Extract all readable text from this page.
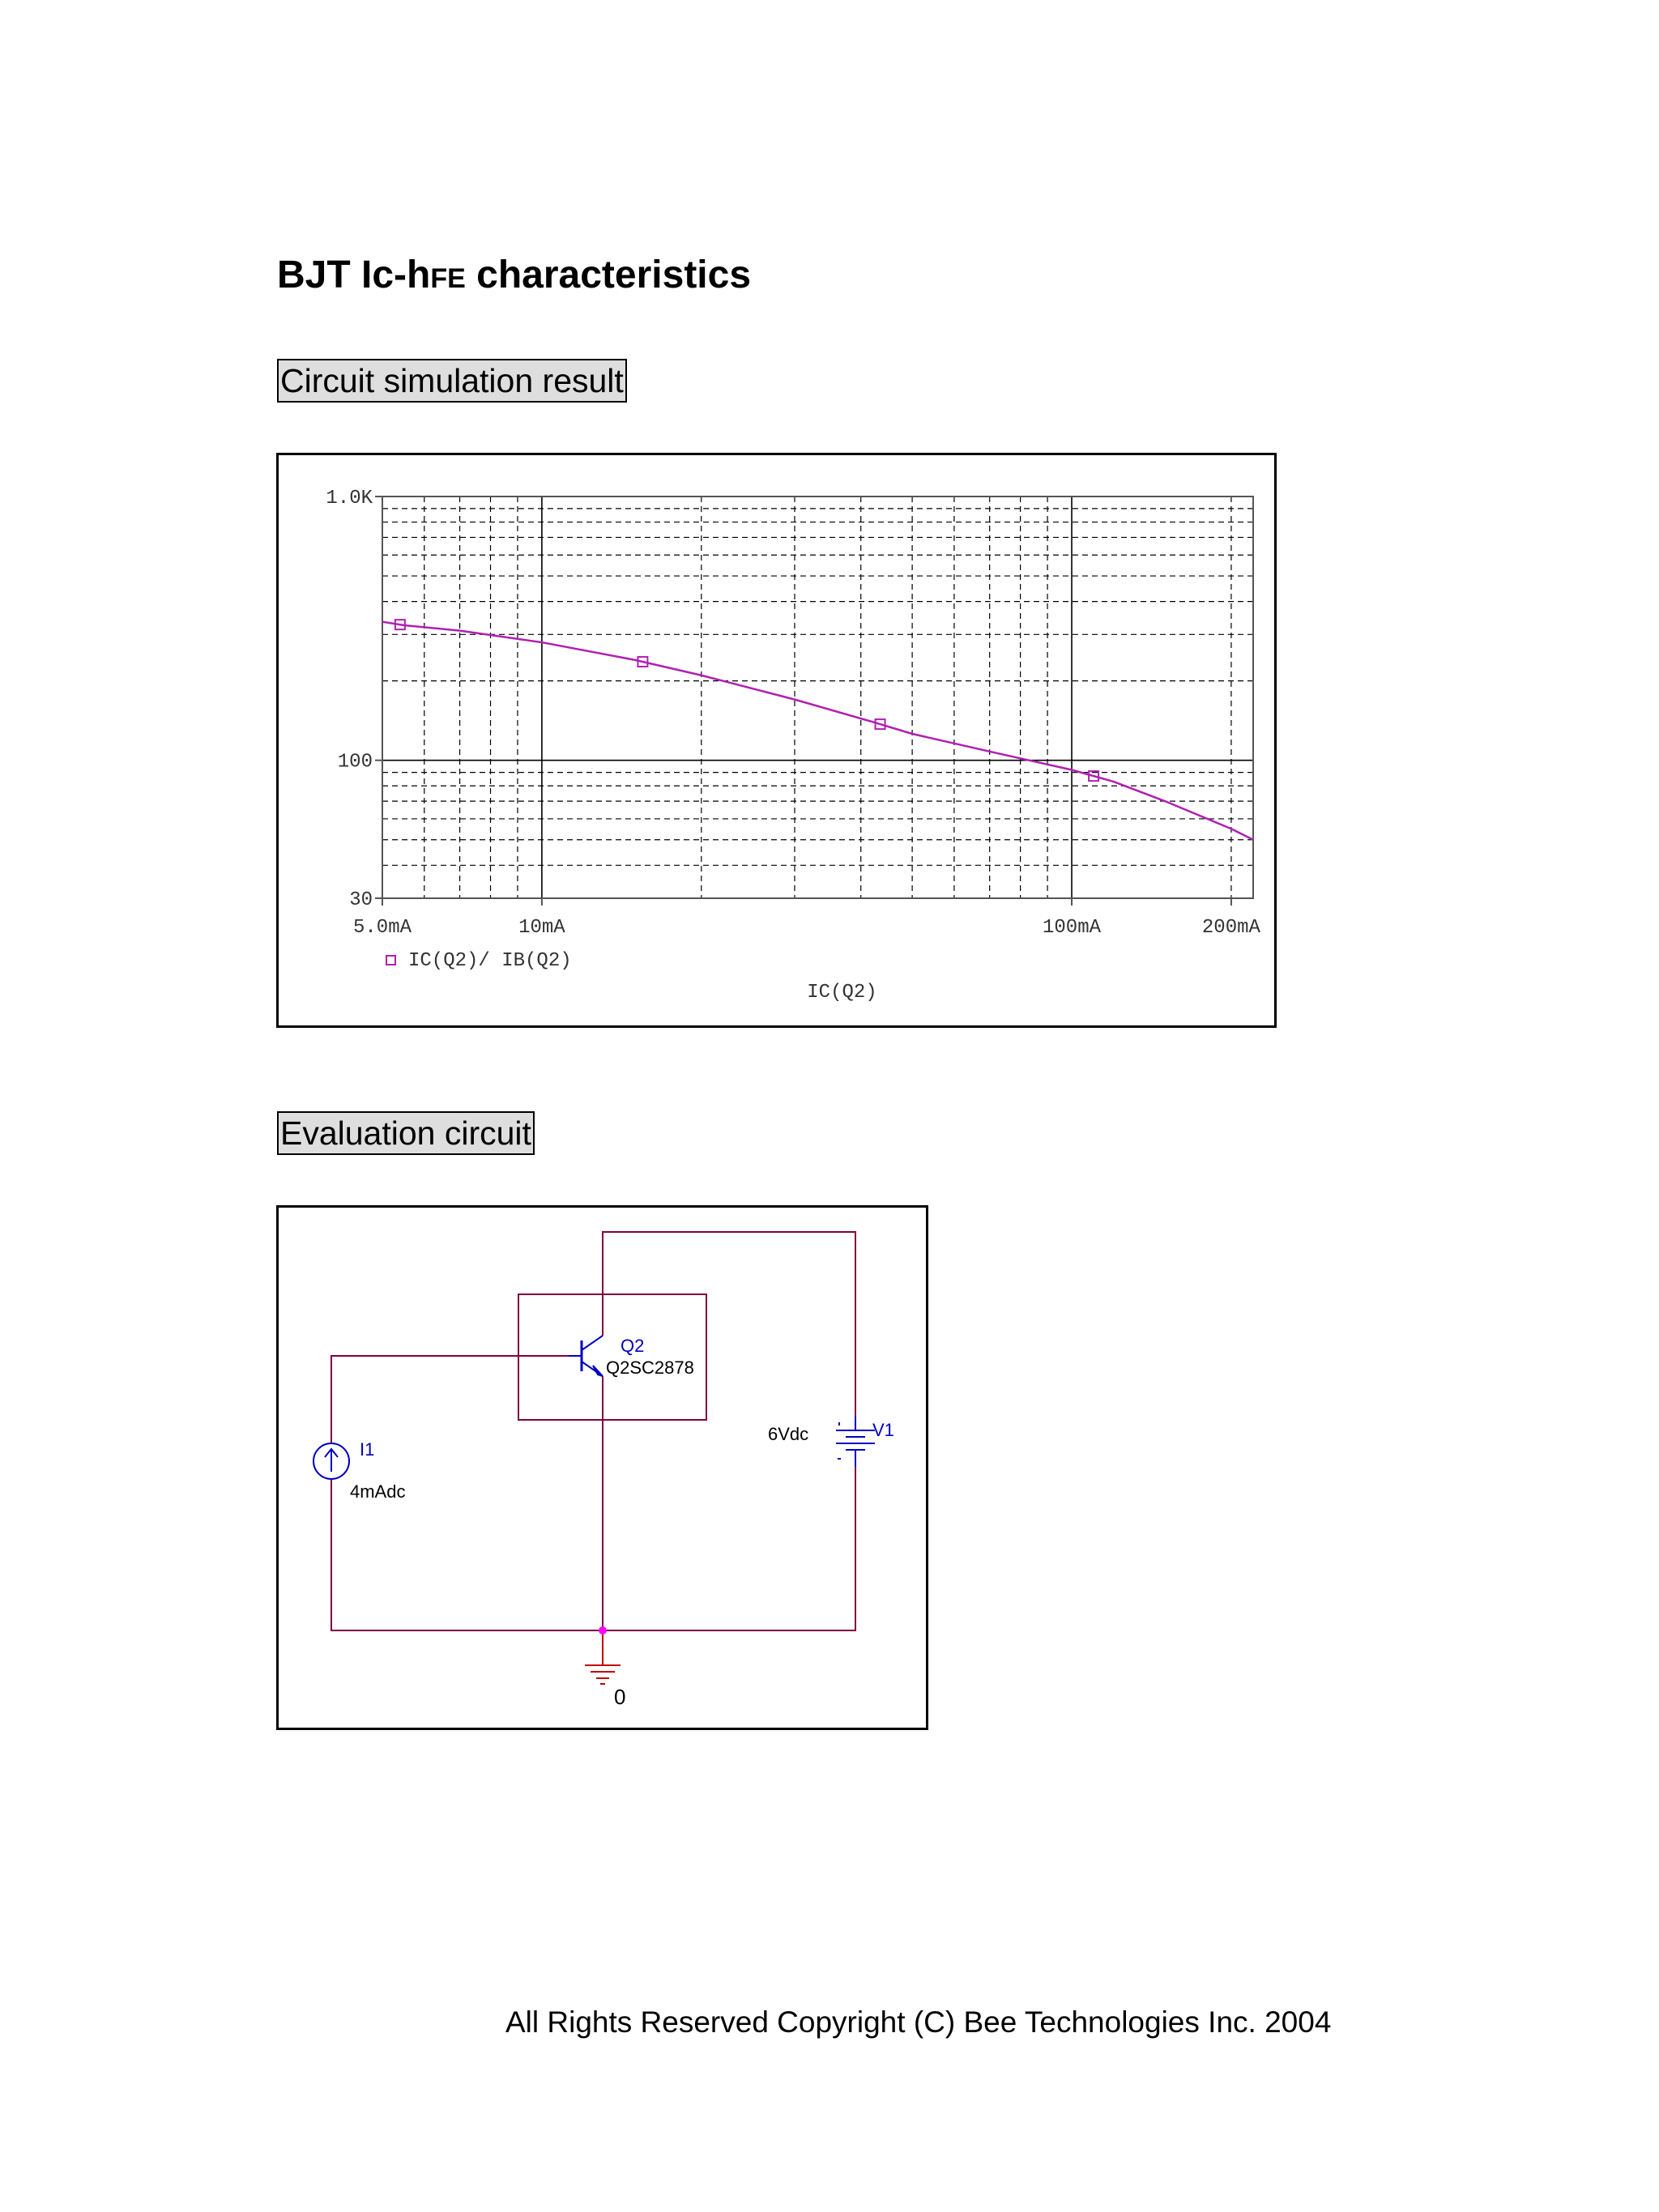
BJT Ic-hFE characteristics
Circuit simulation result
5.0mA	10mA	100mA	200mA
1.0K
100
30
IC(Q2)
IC(Q2)/ IB(Q2)
Evaluation circuit
Q2
Q2SC2878
I1
4mAdc
6Vdc	V1
0
All Rights Reserved Copyright (C) Bee Technologies Inc. 2004
